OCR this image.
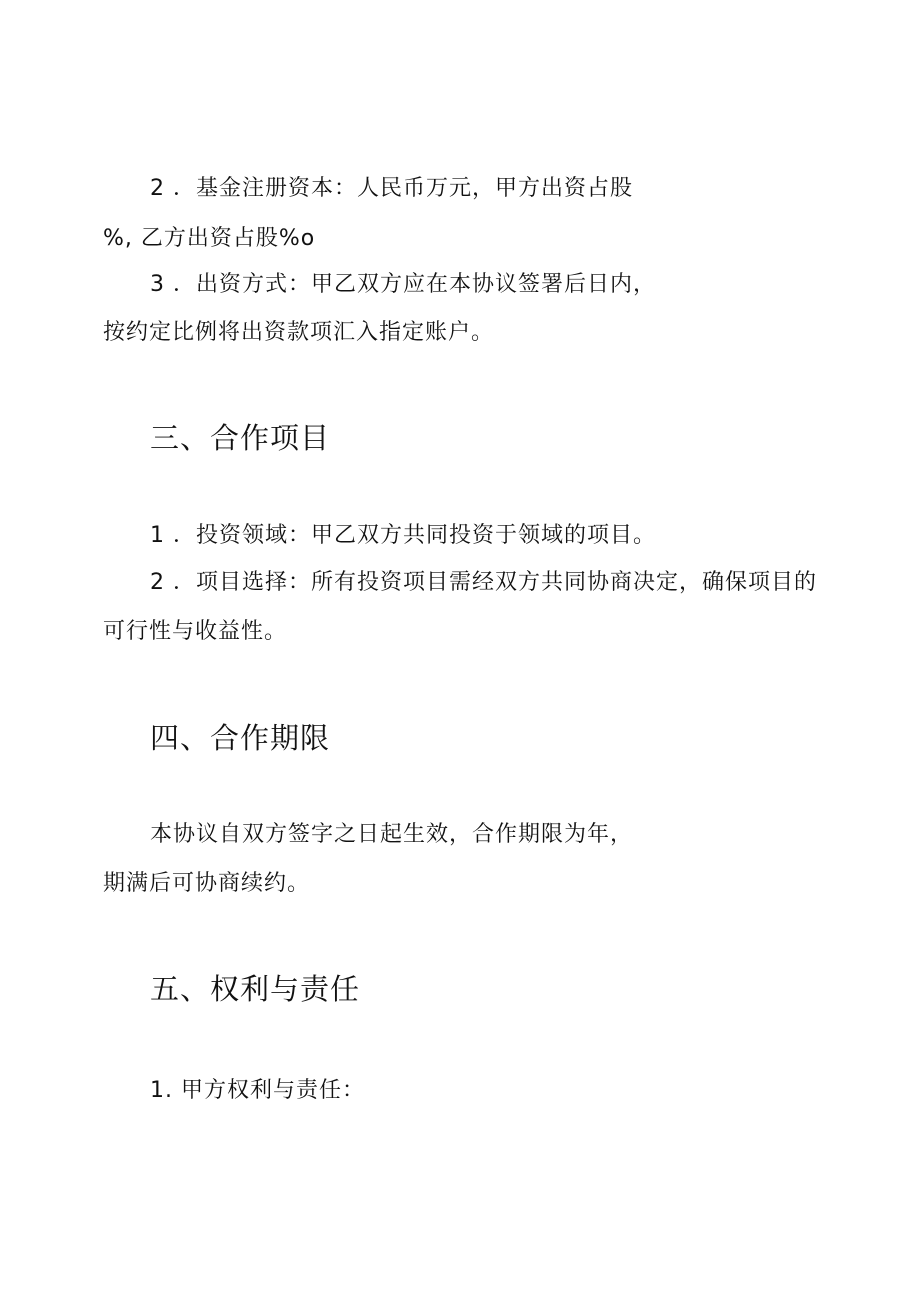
2 ．基金注册资本：人民币万元，甲方出资占股
%, 乙方出资占股%o
3 ．出资方式：甲乙双方应在本协议签署后日内，
按约定比例将出资款项汇入指定账户。
三、合作项目
1 ．投资领域：甲乙双方共同投资于领域的项目。
2 ．项目选择：所有投资项目需经双方共同协商决定，确保项目的
可行性与收益性。
四、合作期限
本协议自双方签字之日起生效，合作期限为年，
期满后可协商续约。
五、权利与责任
1. 甲方权利与责任：
